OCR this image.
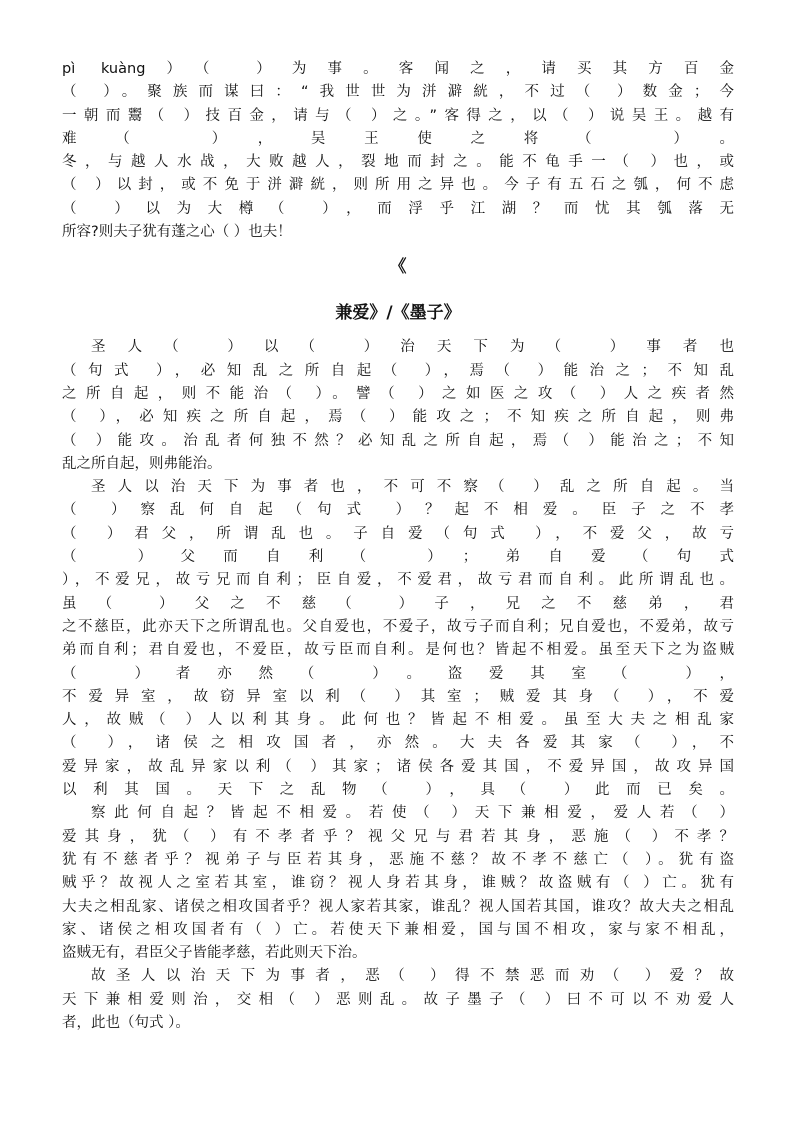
pì kuàng）（ ）为事。客闻之，请买其方百金
（ ）。聚族而谋曰：“我世世为洴澼絖，不过（ ）数金；今
一朝而鬻（ ）技百金，请与（ ）之。”客得之，以（ ）说吴王。越有
难（ ），吴王使之将（ ）。
冬，与越人水战，大败越人，裂地而封之。能不龟手一（ ）也，或
（ ）以封，或不免于洴澼絖，则所用之异也。今子有五石之瓠，何不虑
（ ）以为大樽（ ），而浮乎江湖？而忧其瓠落无
所容?则夫子犹有蓬之心（ ）也夫！
《
兼爱》/《墨子》
圣人（ ）以（ ）治天下为（ ）事者也
（句式 ），必知乱之所自起（ ），焉（ ）能治之；不知乱
之所自起，则不能治（ ）。譬（ ）之如医之攻（ ）人之疾者然
（ ），必知疾之所自起，焉（ ）能攻之；不知疾之所自起，则弗
（ ）能攻。治乱者何独不然？必知乱之所自起，焉（ ）能治之；不知
乱之所自起，则弗能治。
圣人以治天下为事者也，不可不察（ ）乱之所自起。当
（ ）察乱何自起（句式 ）？起不相爱。臣子之不孝
（ ）君父，所谓乱也。子自爱（句式 ），不爱父，故亏
（ ）父而自利（ ）；弟自爱（句式
），不爱兄，故亏兄而自利；臣自爱，不爱君，故亏君而自利。此所谓乱也。
虽（ ）父之不慈（ ）子，兄之不慈弟，君
之不慈臣，此亦天下之所谓乱也。父自爱也，不爱子，故亏子而自利；兄自爱也，不爱弟，故亏
弟而自利；君自爱也，不爱臣，故亏臣而自利。是何也？皆起不相爱。虽至天下之为盗贼
（ ）者亦然（ ）。盗爱其室（ ），
不爱异室，故窃异室以利（ ）其室；贼爱其身（ ），不爱
人，故贼（ ）人以利其身。此何也？皆起不相爱。虽至大夫之相乱家
（ ），诸侯之相攻国者，亦然。大夫各爱其家（ ），不
爱异家，故乱异家以利（ ）其家；诸侯各爱其国，不爱异国，故攻异国
以利其国。天下之乱物（ ），具（ ）此而已矣。
察此何自起？皆起不相爱。若使（ ）天下兼相爱，爱人若（ ）
爱其身，犹（ ）有不孝者乎？视父兄与君若其身，恶施（ ）不孝？
犹有不慈者乎？视弟子与臣若其身，恶施不慈？故不孝不慈亡（ ）。犹有盗
贼乎？故视人之室若其室，谁窃？视人身若其身，谁贼？故盗贼有（ ）亡。犹有
大夫之相乱家、诸侯之相攻国者乎？视人家若其家，谁乱？视人国若其国，谁攻？故大夫之相乱
家、诸侯之相攻国者有（ ）亡。若使天下兼相爱，国与国不相攻，家与家不相乱，
盗贼无有，君臣父子皆能孝慈，若此则天下治。
故圣人以治天下为事者，恶（ ）得不禁恶而劝（ ）爱？故
天下兼相爱则治，交相（ ）恶则乱。故子墨子（ ）曰不可以不劝爱人
者，此也（句式 ）。
